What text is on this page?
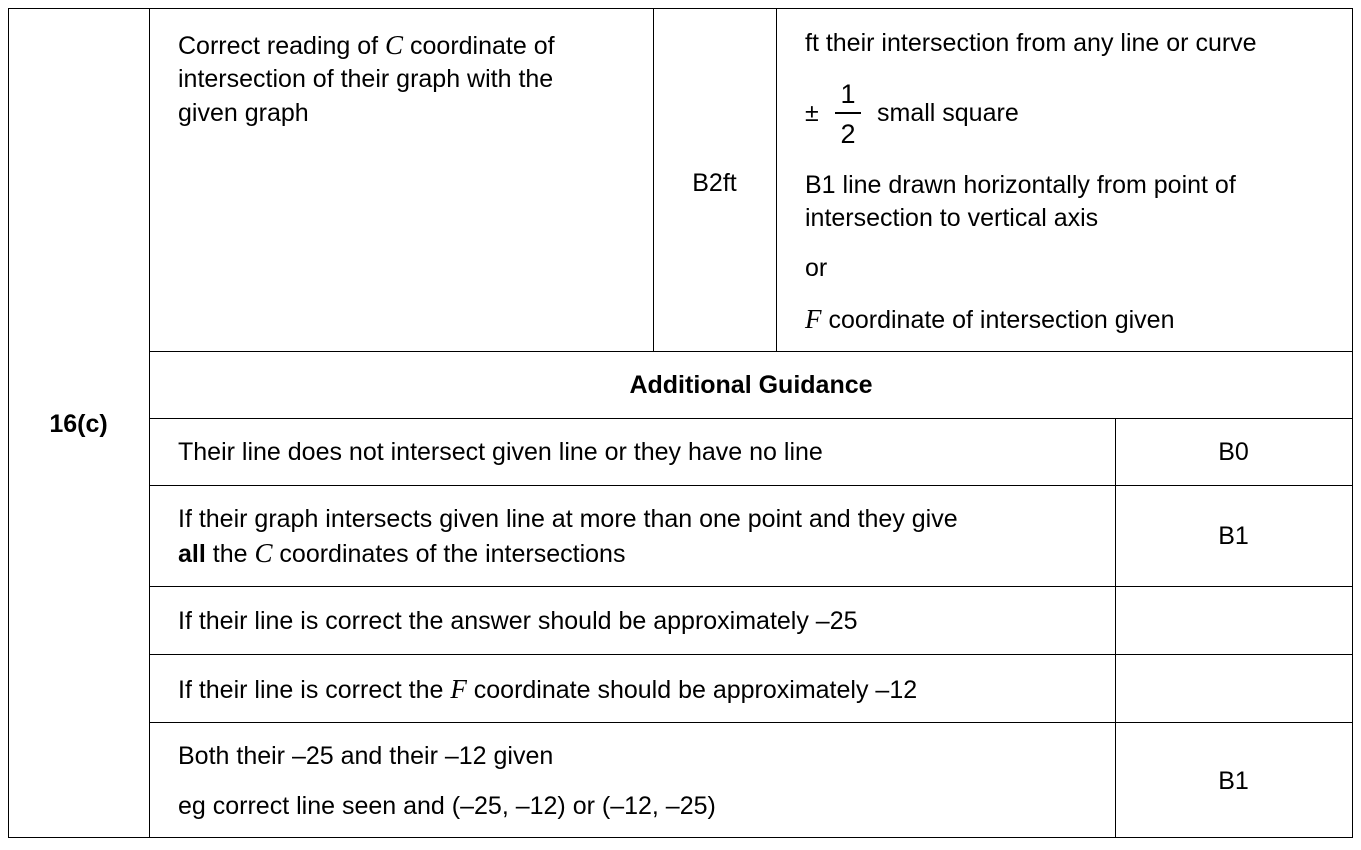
16(c)
Correct reading of C coordinate of
intersection of their graph with the
given graph
B2ft
ft their intersection from any line or curve
±
1
2
small square
B1 line drawn horizontally from point of
intersection to vertical axis
or
F coordinate of intersection given
Additional Guidance
Their line does not intersect given line or they have no line	B0
If their graph intersects given line at more than one point and they give
all the C coordinates of the intersections
B1
If their line is correct the answer should be approximately –25
If their line is correct the F coordinate should be approximately –12
Both their –25 and their –12 given
eg correct line seen and (–25, –12) or (–12, –25)
B1
